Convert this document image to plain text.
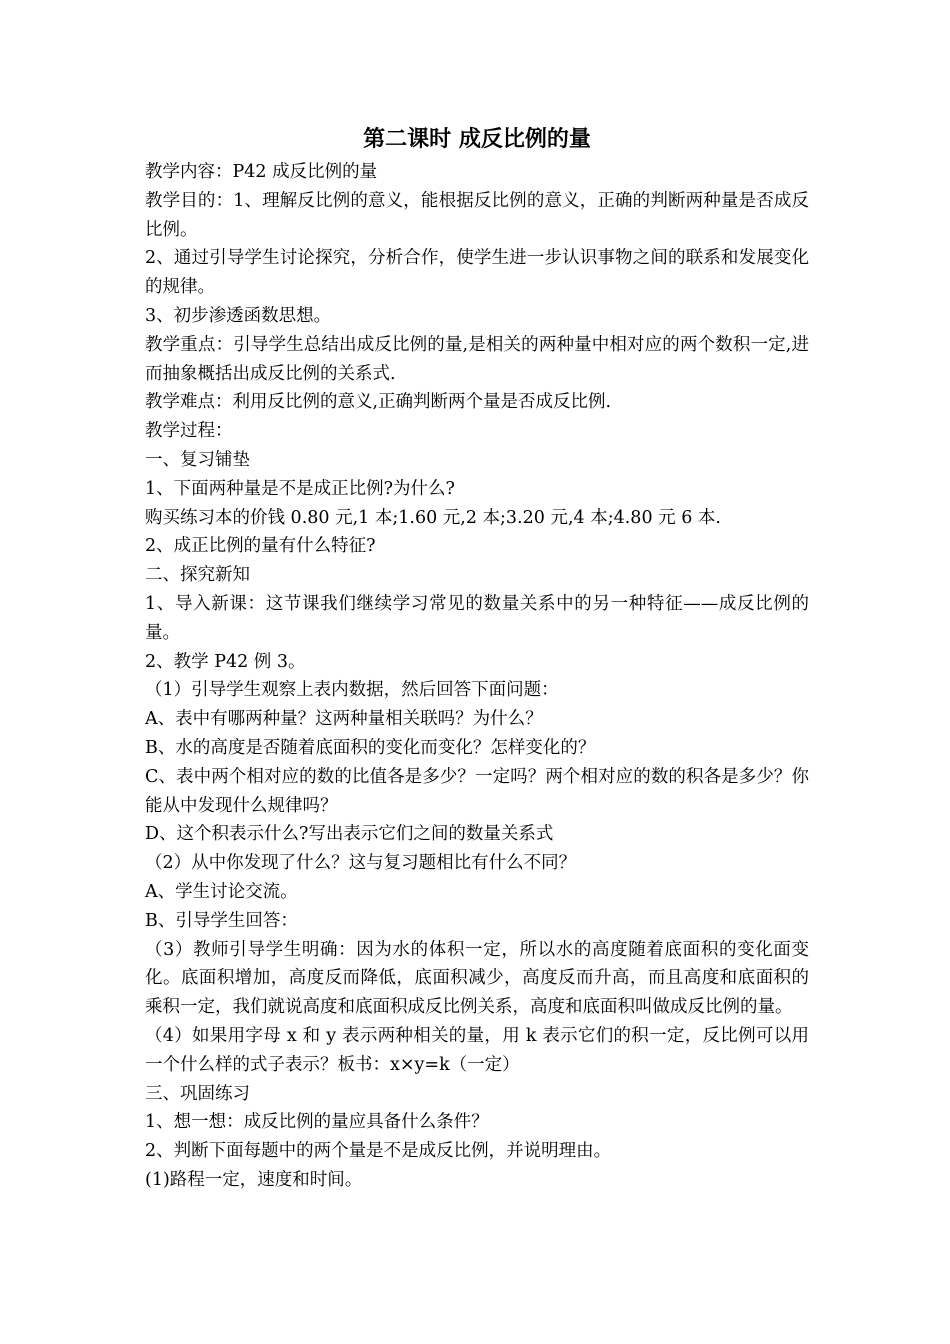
第二课时 成反比例的量

教学内容：P42 成反比例的量

教学目的：1、理解反比例的意义，能根据反比例的意义，正确的判断两种量是否成反比例。

2、通过引导学生讨论探究，分析合作，使学生进一步认识事物之间的联系和发展变化的规律。

3、初步渗透函数思想。

教学重点：引导学生总结出成反比例的量,是相关的两种量中相对应的两个数积一定,进而抽象概括出成反比例的关系式.

教学难点：利用反比例的意义,正确判断两个量是否成反比例.

教学过程：

一、复习铺垫

1、下面两种量是不是成正比例?为什么?

购买练习本的价钱 0.80 元,1 本;1.60 元,2 本;3.20 元,4 本;4.80 元 6 本.

2、成正比例的量有什么特征?

二、探究新知

1、导入新课：这节课我们继续学习常见的数量关系中的另一种特征——成反比例的量。

2、教学 P42 例 3。

（1）引导学生观察上表内数据，然后回答下面问题：

A、表中有哪两种量？这两种量相关联吗？为什么？

B、水的高度是否随着底面积的变化而变化？怎样变化的？

C、表中两个相对应的数的比值各是多少？一定吗？两个相对应的数的积各是多少？你能从中发现什么规律吗？

D、这个积表示什么?写出表示它们之间的数量关系式

（2）从中你发现了什么？这与复习题相比有什么不同？

A、学生讨论交流。

B、引导学生回答：

（3）教师引导学生明确：因为水的体积一定，所以水的高度随着底面积的变化面变化。底面积增加，高度反而降低，底面积减少，高度反而升高，而且高度和底面积的乘积一定，我们就说高度和底面积成反比例关系，高度和底面积叫做成反比例的量。

（4）如果用字母 x 和 y 表示两种相关的量，用 k 表示它们的积一定，反比例可以用一个什么样的式子表示？板书：x×y=k（一定）

三、巩固练习

1、想一想：成反比例的量应具备什么条件？

2、判断下面每题中的两个量是不是成反比例，并说明理由。

(1)路程一定，速度和时间。
